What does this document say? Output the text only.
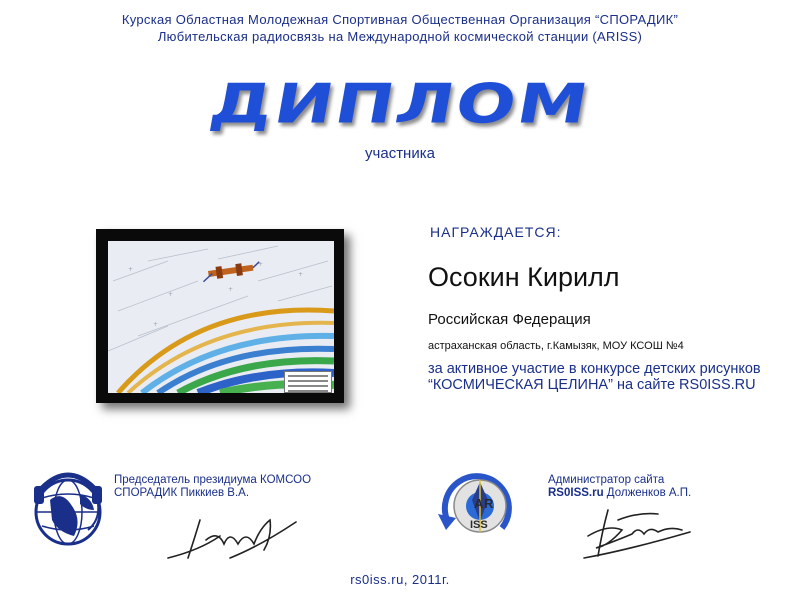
Курская Областная Молодежная Спортивная Общественная Организация “СПОРАДИК”
Любительская радиосвязь на Международной космической станции (ARISS)
ДИПЛОМ
участника
+
+
+
+
+
+
НАГРАЖДАЕТСЯ:
Осокин Кирилл
Российская Федерация
астраханская область, г.Камызяк, МОУ КСОШ №4
за активное участие в конкурсе детских рисунков “КОСМИЧЕСКАЯ ЦЕЛИНА” на сайте RS0ISS.RU
Председатель президиума КОМСОО
СПОРАДИК Пиккиев В.А.
A R
ISS
Администратор сайта
RS0ISS.ru Долженков А.П.
rs0iss.ru, 2011г.
